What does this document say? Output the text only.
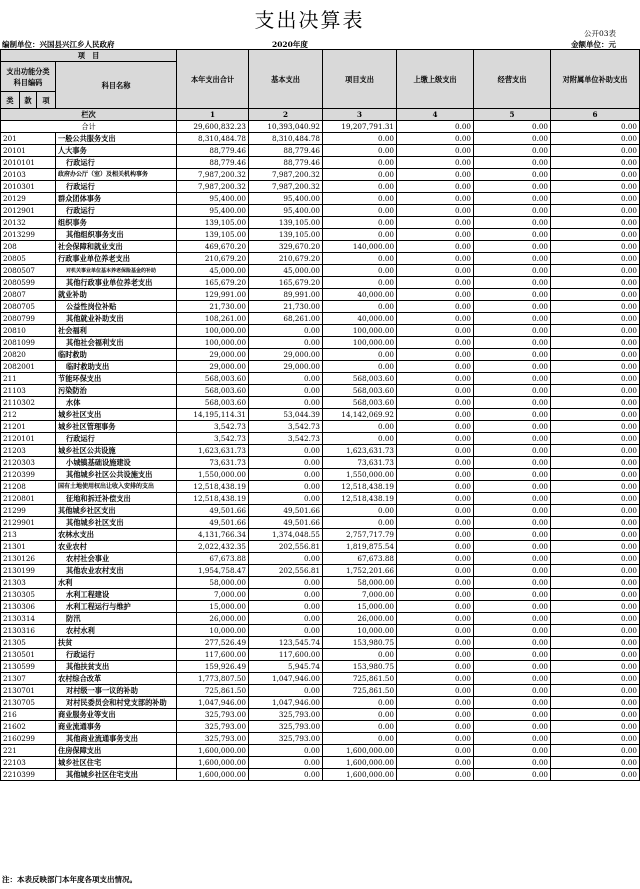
支出决算表
公开03表
编制单位：兴国县兴江乡人民政府	2020年度	金额单位：元
项　目				本年支出合计	基本支出	项目支出	上缴上级支出	经营支出	对附属单位补助支出
支出功能分类科目编码			科目名称						
类	款	项							
栏次				1	2	3	4	5	6
合计				29,600,832.23	10,393,040.92	19,207,791.31	0.00	0.00	0.00
201			一般公共服务支出	8,310,484.78	8,310,484.78	0.00	0.00	0.00	0.00
20101			人大事务	88,779.46	88,779.46	0.00	0.00	0.00	0.00
2010101			行政运行	88,779.46	88,779.46	0.00	0.00	0.00	0.00
20103			政府办公厅（室）及相关机构事务	7,987,200.32	7,987,200.32	0.00	0.00	0.00	0.00
2010301			行政运行	7,987,200.32	7,987,200.32	0.00	0.00	0.00	0.00
20129			群众团体事务	95,400.00	95,400.00	0.00	0.00	0.00	0.00
2012901			行政运行	95,400.00	95,400.00	0.00	0.00	0.00	0.00
20132			组织事务	139,105.00	139,105.00	0.00	0.00	0.00	0.00
2013299			其他组织事务支出	139,105.00	139,105.00	0.00	0.00	0.00	0.00
208			社会保障和就业支出	469,670.20	329,670.20	140,000.00	0.00	0.00	0.00
20805			行政事业单位养老支出	210,679.20	210,679.20	0.00	0.00	0.00	0.00
2080507			对机关事业单位基本养老保险基金的补助	45,000.00	45,000.00	0.00	0.00	0.00	0.00
2080599			其他行政事业单位养老支出	165,679.20	165,679.20	0.00	0.00	0.00	0.00
20807			就业补助	129,991.00	89,991.00	40,000.00	0.00	0.00	0.00
2080705			公益性岗位补贴	21,730.00	21,730.00	0.00	0.00	0.00	0.00
2080799			其他就业补助支出	108,261.00	68,261.00	40,000.00	0.00	0.00	0.00
20810			社会福利	100,000.00	0.00	100,000.00	0.00	0.00	0.00
2081099			其他社会福利支出	100,000.00	0.00	100,000.00	0.00	0.00	0.00
20820			临时救助	29,000.00	29,000.00	0.00	0.00	0.00	0.00
2082001			临时救助支出	29,000.00	29,000.00	0.00	0.00	0.00	0.00
211			节能环保支出	568,003.60	0.00	568,003.60	0.00	0.00	0.00
21103			污染防治	568,003.60	0.00	568,003.60	0.00	0.00	0.00
2110302			水体	568,003.60	0.00	568,003.60	0.00	0.00	0.00
212			城乡社区支出	14,195,114.31	53,044.39	14,142,069.92	0.00	0.00	0.00
21201			城乡社区管理事务	3,542.73	3,542.73	0.00	0.00	0.00	0.00
2120101			行政运行	3,542.73	3,542.73	0.00	0.00	0.00	0.00
21203			城乡社区公共设施	1,623,631.73	0.00	1,623,631.73	0.00	0.00	0.00
2120303			小城镇基础设施建设	73,631.73	0.00	73,631.73	0.00	0.00	0.00
2120399			其他城乡社区公共设施支出	1,550,000.00	0.00	1,550,000.00	0.00	0.00	0.00
21208			国有土地使用权出让收入安排的支出	12,518,438.19	0.00	12,518,438.19	0.00	0.00	0.00
2120801			征地和拆迁补偿支出	12,518,438.19	0.00	12,518,438.19	0.00	0.00	0.00
21299			其他城乡社区支出	49,501.66	49,501.66	0.00	0.00	0.00	0.00
2129901			其他城乡社区支出	49,501.66	49,501.66	0.00	0.00	0.00	0.00
213			农林水支出	4,131,766.34	1,374,048.55	2,757,717.79	0.00	0.00	0.00
21301			农业农村	2,022,432.35	202,556.81	1,819,875.54	0.00	0.00	0.00
2130126			农村社会事业	67,673.88	0.00	67,673.88	0.00	0.00	0.00
2130199			其他农业农村支出	1,954,758.47	202,556.81	1,752,201.66	0.00	0.00	0.00
21303			水利	58,000.00	0.00	58,000.00	0.00	0.00	0.00
2130305			水利工程建设	7,000.00	0.00	7,000.00	0.00	0.00	0.00
2130306			水利工程运行与维护	15,000.00	0.00	15,000.00	0.00	0.00	0.00
2130314			防汛	26,000.00	0.00	26,000.00	0.00	0.00	0.00
2130316			农村水利	10,000.00	0.00	10,000.00	0.00	0.00	0.00
21305			扶贫	277,526.49	123,545.74	153,980.75	0.00	0.00	0.00
2130501			行政运行	117,600.00	117,600.00	0.00	0.00	0.00	0.00
2130599			其他扶贫支出	159,926.49	5,945.74	153,980.75	0.00	0.00	0.00
21307			农村综合改革	1,773,807.50	1,047,946.00	725,861.50	0.00	0.00	0.00
2130701			对村级一事一议的补助	725,861.50	0.00	725,861.50	0.00	0.00	0.00
2130705			对村民委员会和村党支部的补助	1,047,946.00	1,047,946.00	0.00	0.00	0.00	0.00
216			商业服务业等支出	325,793.00	325,793.00	0.00	0.00	0.00	0.00
21602			商业流通事务	325,793.00	325,793.00	0.00	0.00	0.00	0.00
2160299			其他商业流通事务支出	325,793.00	325,793.00	0.00	0.00	0.00	0.00
221			住房保障支出	1,600,000.00	0.00	1,600,000.00	0.00	0.00	0.00
22103			城乡社区住宅	1,600,000.00	0.00	1,600,000.00	0.00	0.00	0.00
2210399			其他城乡社区住宅支出	1,600,000.00	0.00	1,600,000.00	0.00	0.00	0.00
注：本表反映部门本年度各项支出情况。
